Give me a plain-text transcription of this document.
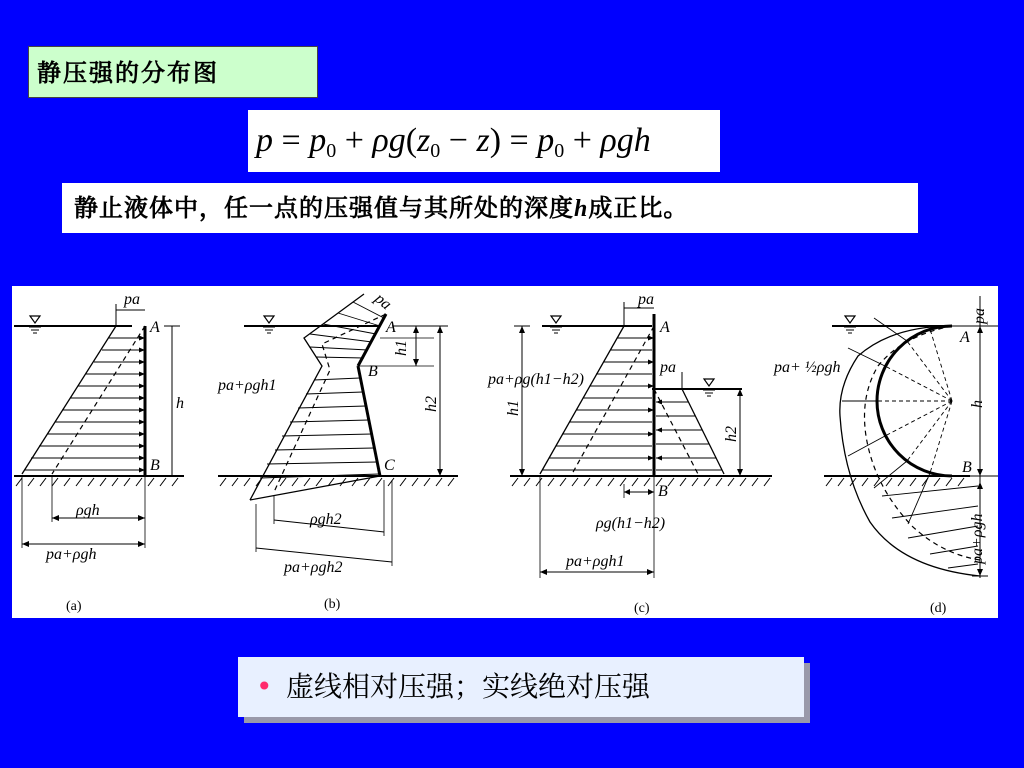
静压强的分布图
$p = p_0 + \rho g(z_0 - z) = p_0 + \rho gh$
静止液体中，任一点的压强值与其所处的深度h成正比。
pa
A
B
h
ρgh
pa+ρgh
(a)
pa
A
B
C
h1
h2
pa+ρgh1
ρgh2
pa+ρgh2
(b)
pa
A
B
pa
h1
h2
pa+ρg(h1−h2)
ρg(h1−h2)
pa+ρgh1
(c)
pa
A
B
h
pa+ ½ρgh
pa+ρgh
(d)
• 虚线相对压强；实线绝对压强
